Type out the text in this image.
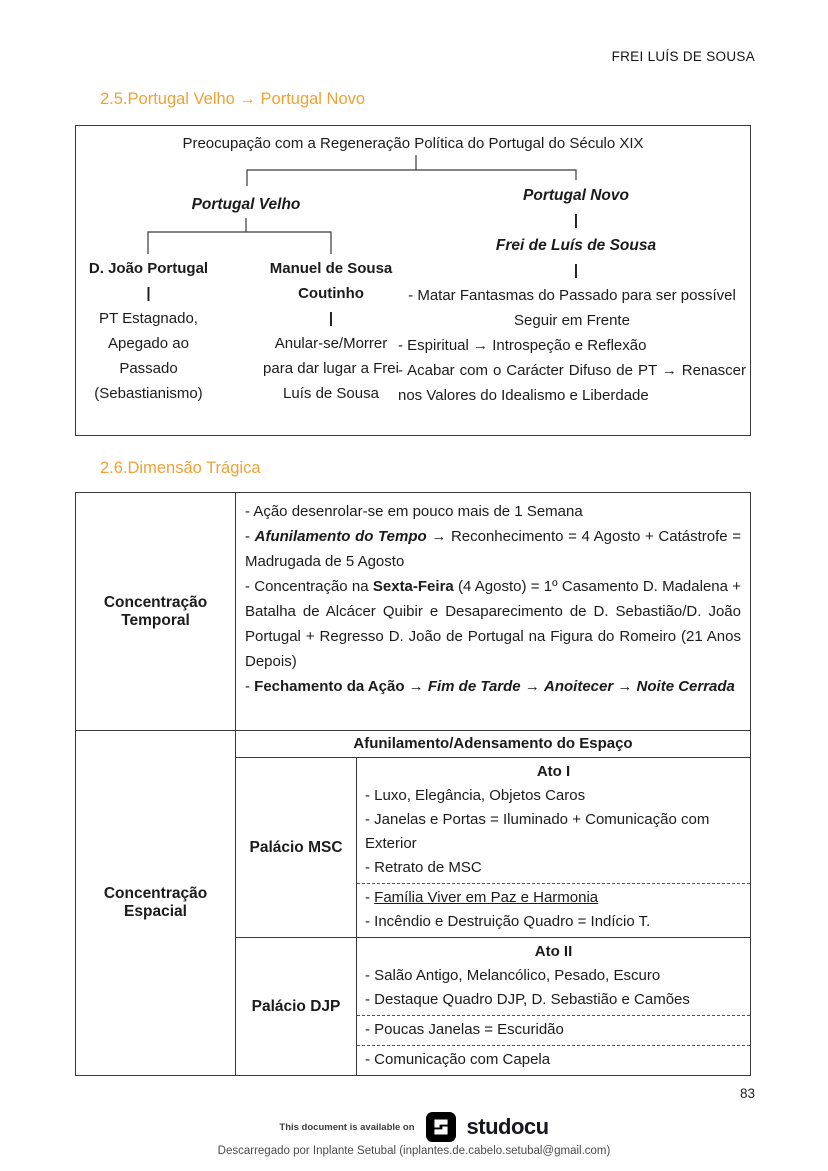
FREI LUÍS DE SOUSA
2.5.Portugal Velho → Portugal Novo
Preocupação com a Regeneração Política do Portugal do Século XIX
Portugal Velho
Portugal Novo
|
Frei de Luís de Sousa
|
D. João Portugal
|
PT Estagnado, Apegado ao Passado (Sebastianismo)
Manuel de Sousa Coutinho
|
Anular-se/Morrer para dar lugar a Frei Luís de Sousa
- Matar Fantasmas do Passado para ser possível Seguir em Frente
- Espiritual → Introspeção e Reflexão
- Acabar com o Carácter Difuso de PT → Renascer nos Valores do Idealismo e Liberdade
2.6.Dimensão Trágica
Concentração Temporal

- Ação desenrolar-se em pouco mais de 1 Semana

- Afunilamento do Tempo → Reconhecimento = 4 Agosto + Catástrofe = Madrugada de 5 Agosto

- Concentração na Sexta-Feira (4 Agosto) = 1º Casamento D. Madalena + Batalha de Alcácer Quibir e Desaparecimento de D. Sebastião/D. João Portugal + Regresso D. João de Portugal na Figura do Romeiro (21 Anos Depois)

- Fechamento da Ação → Fim de Tarde → Anoitecer → Noite Cerrada

Concentração Espacial
Afunilamento/Adensamento do Espaço
Palácio MSC
Ato I

- Luxo, Elegância, Objetos Caros

- Janelas e Portas = Iluminado + Comunicação com Exterior

- Retrato de MSC

- Família Viver em Paz e Harmonia

- Incêndio e Destruição Quadro = Indício T.

Palácio DJP
Ato II

- Salão Antigo, Melancólico, Pesado, Escuro

- Destaque Quadro DJP, D. Sebastião e Camões

- Poucas Janelas = Escuridão

- Comunicação com Capela

83
This document is available on studocu
Descarregado por Inplante Setubal (inplantes.de.cabelo.setubal@gmail.com)
